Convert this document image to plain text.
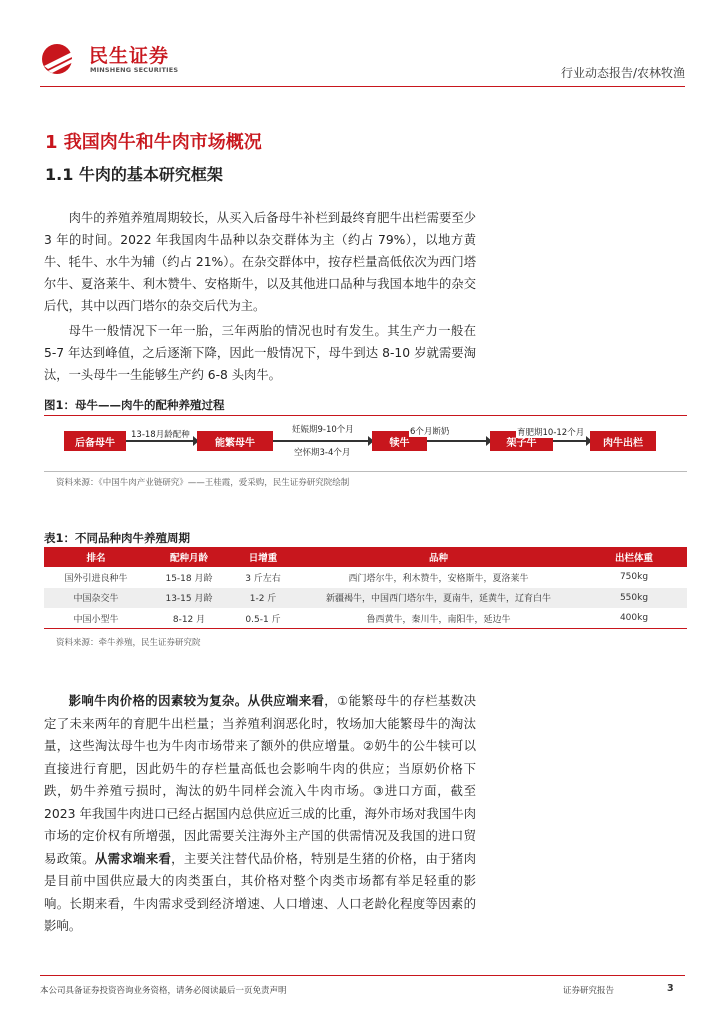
民生证券
MINSHENG SECURITIES	行业动态报告/农林牧渔
1 我国肉牛和牛肉市场概况
1.1 牛肉的基本研究框架

肉牛的养殖养殖周期较长，从买入后备母牛补栏到最终育肥牛出栏需要至少 3 年的时间。2022 年我国肉牛品种以杂交群体为主（约占 79%），以地方黄牛、牦牛、水牛为辅（约占 21%）。在杂交群体中，按存栏量高低依次为西门塔尔牛、夏洛莱牛、利木赞牛、安格斯牛，以及其他进口品种与我国本地牛的杂交后代，其中以西门塔尔的杂交后代为主。

母牛一般情况下一年一胎，三年两胎的情况也时有发生。其生产力一般在 5-7 年达到峰值，之后逐渐下降，因此一般情况下，母牛到达 8-10 岁就需要淘汰，一头母牛一生能够生产约 6-8 头肉牛。

图1：母牛——肉牛的配种养殖过程
后备母牛
13-18月龄配种
能繁母牛
妊娠期9-10个月
空怀期3-4个月
犊牛
6个月断奶
架子牛
育肥期10-12个月
肉牛出栏
资料来源：《中国牛肉产业链研究》——王桂霞，爱采购，民生证券研究院绘制
表1：不同品种肉牛养殖周期
排名	配种月龄	日增重	品种	出栏体重
国外引进良种牛	15-18 月龄	3 斤左右	西门塔尔牛，利木赞牛，安格斯牛，夏洛莱牛	750kg
中国杂交牛	13-15 月龄	1-2 斤	新疆褐牛，中国西门塔尔牛，夏南牛，延黄牛，辽育白牛	550kg
中国小型牛	8-12 月	0.5-1 斤	鲁西黄牛，秦川牛，南阳牛，延边牛	400kg
资料来源：牵牛养殖，民生证券研究院

影响牛肉价格的因素较为复杂。从供应端来看，①能繁母牛的存栏基数决定了未来两年的育肥牛出栏量；当养殖利润恶化时，牧场加大能繁母牛的淘汰量，这些淘汰母牛也为牛肉市场带来了额外的供应增量。②奶牛的公牛犊可以直接进行育肥，因此奶牛的存栏量高低也会影响牛肉的供应；当原奶价格下跌，奶牛养殖亏损时，淘汰的奶牛同样会流入牛肉市场。③进口方面，截至 2023 年我国牛肉进口已经占据国内总供应近三成的比重，海外市场对我国牛肉市场的定价权有所增强，因此需要关注海外主产国的供需情况及我国的进口贸易政策。从需求端来看，主要关注替代品价格，特别是生猪的价格，由于猪肉是目前中国供应最大的肉类蛋白，其价格对整个肉类市场都有举足轻重的影响。长期来看，牛肉需求受到经济增速、人口增速、人口老龄化程度等因素的影响。

本公司具备证券投资咨询业务资格，请务必阅读最后一页免责声明	证券研究报告	3
